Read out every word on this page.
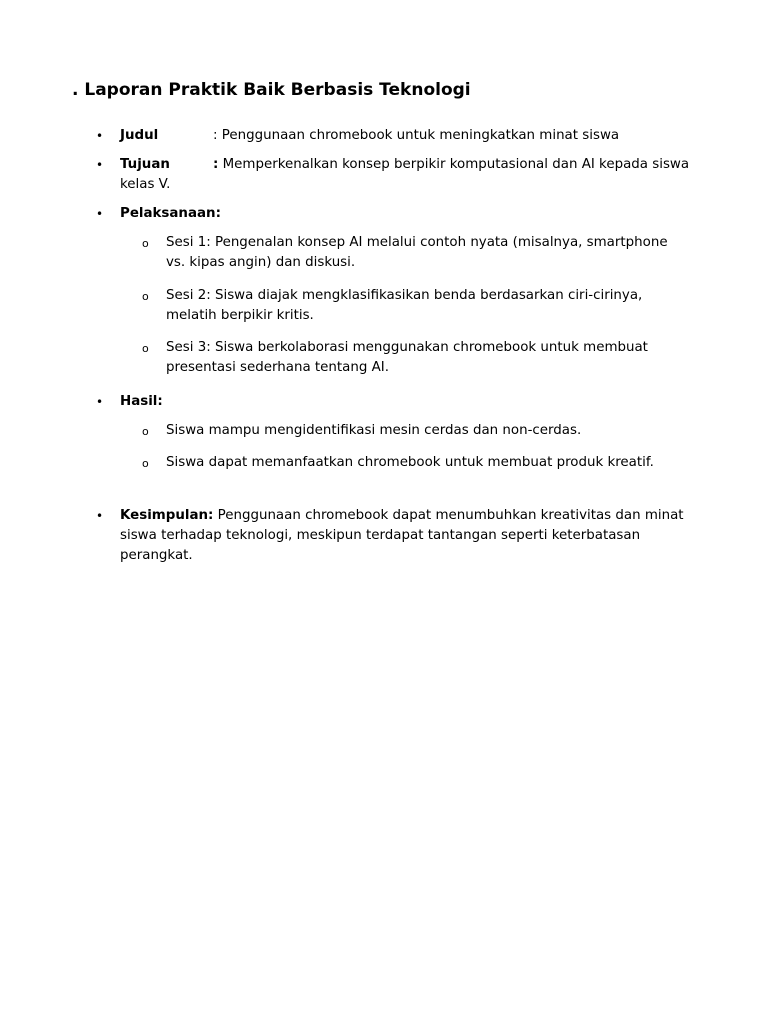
. Laporan Praktik Baik Berbasis Teknologi
• Judul	: Penggunaan chromebook untuk meningkatkan minat siswa
• Tujuan	: Memperkenalkan konsep berpikir komputasional dan AI kepada siswa kelas V.
• Pelaksanaan:
o Sesi 1: Pengenalan konsep AI melalui contoh nyata (misalnya, smartphone vs. kipas angin) dan diskusi.
o Sesi 2: Siswa diajak mengklasifikasikan benda berdasarkan ciri-cirinya, melatih berpikir kritis.
o Sesi 3: Siswa berkolaborasi menggunakan chromebook untuk membuat presentasi sederhana tentang AI.
• Hasil:
o Siswa mampu mengidentifikasi mesin cerdas dan non-cerdas.
o Siswa dapat memanfaatkan chromebook untuk membuat produk kreatif.
• Kesimpulan: Penggunaan chromebook dapat menumbuhkan kreativitas dan minat siswa terhadap teknologi, meskipun terdapat tantangan seperti keterbatasan perangkat.
